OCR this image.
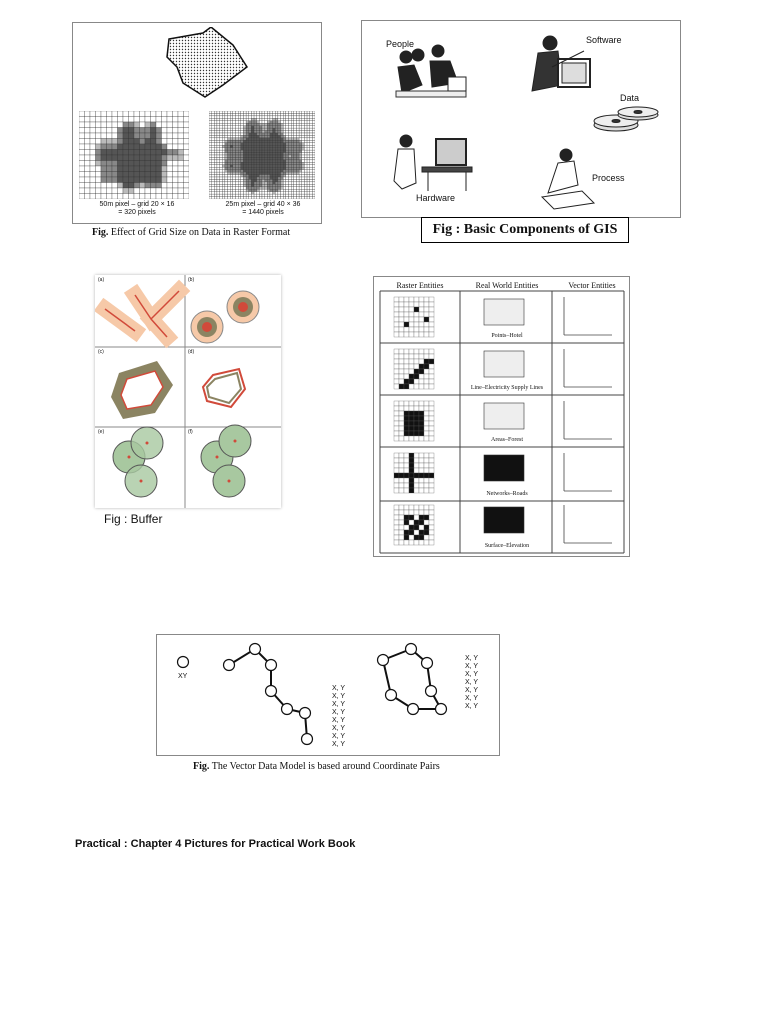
50m pixel – grid 20 × 16
= 320 pixels
25m pixel – grid 40 × 36
= 1440 pixels
Fig. Effect of Grid Size on Data in Raster Format
People	Software
Data
Hardware
Process
Fig : Basic Components of GIS
(a)	(b)
(c)	(d)
(e)	(f)
Fig : Buffer
Raster Entities	Real World Entities	Vector Entities
Points–Hotel
Line–Electricity Supply Lines
Areas–Forest
Networks–Roads
Surface–Elevation
XY
X, Y
X, Y
X, Y
X, Y
X, Y
X, Y
X, Y
X, Y
X, Y
X, Y
X, Y
X, Y
X, Y
X, Y
X, Y
Fig. The Vector Data Model is based around Coordinate Pairs
Practical : Chapter 4 Pictures for Practical Work Book
